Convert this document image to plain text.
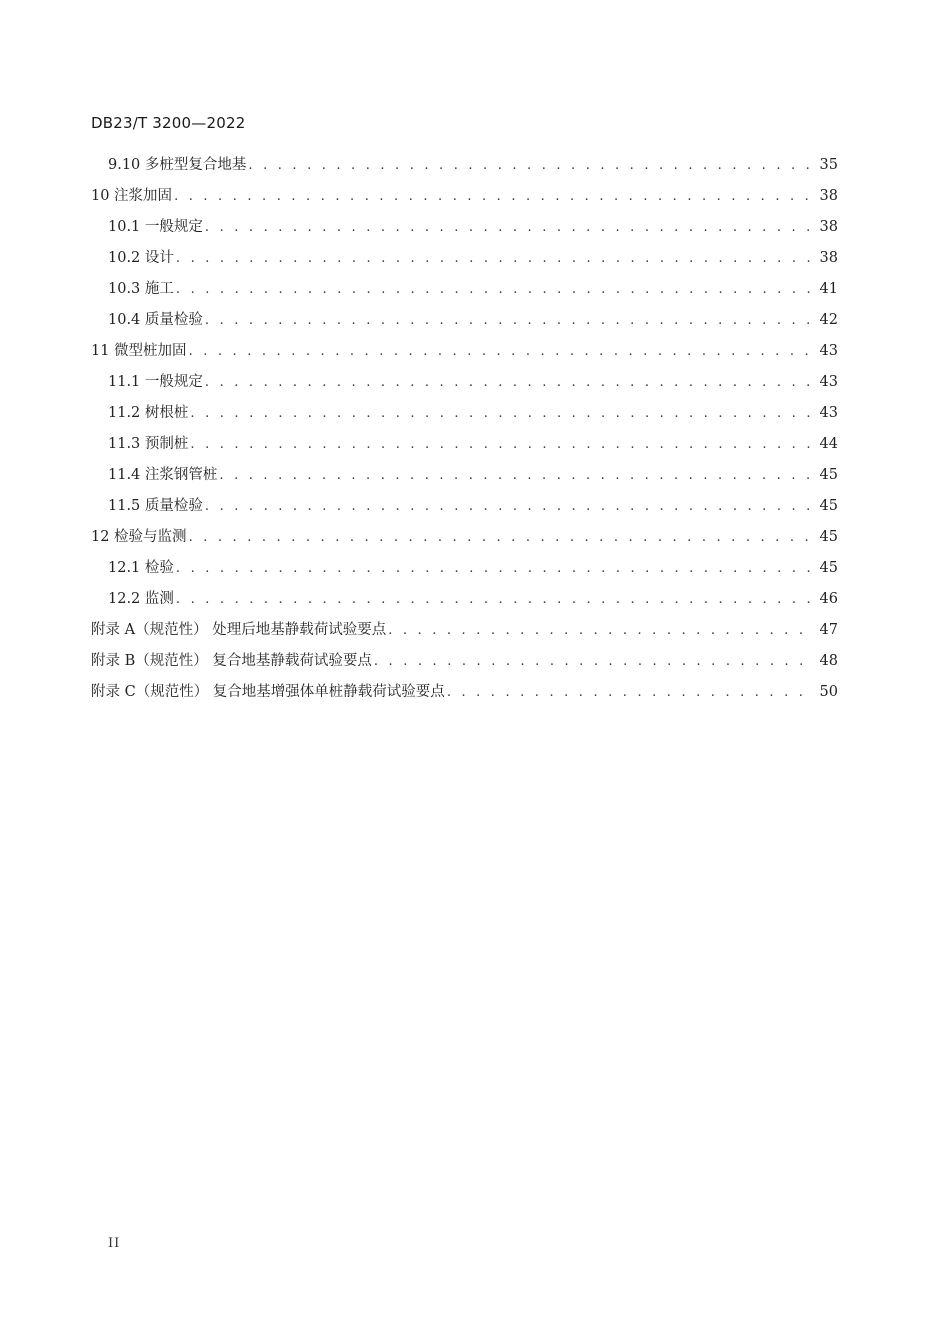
DB23/T 3200—2022
9.10 多桩型复合地基 . . .	35
10 注浆加固 . . .	38
10.1 一般规定 . . .	38
10.2 设计 . . .	38
10.3 施工 . . .	41
10.4 质量检验 . . .	42
11 微型桩加固 . . .	43
11.1 一般规定 . . .	43
11.2 树根桩 . . .	43
11.3 预制桩 . . .	44
11.4 注浆钢管桩 . . .	45
11.5 质量检验 . . .	45
12 检验与监测 . . .	45
12.1 检验 . . .	45
12.2 监测 . . .	46
附录 A（规范性） 处理后地基静载荷试验要点 . . .	47
附录 B（规范性） 复合地基静载荷试验要点 . . .	48
附录 C（规范性） 复合地基增强体单桩静载荷试验要点 . . .	50
II
